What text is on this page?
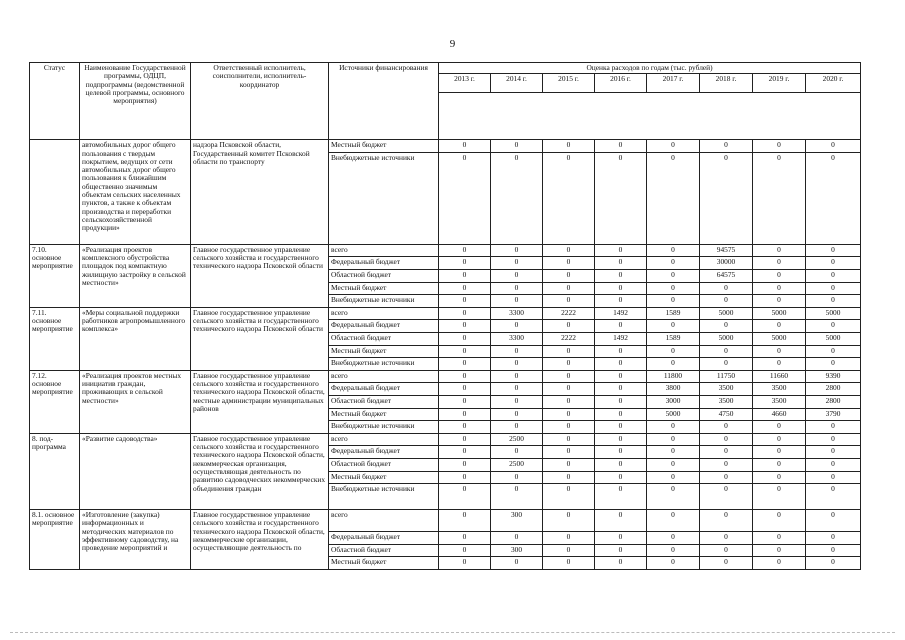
9
Статус	Наименование Государственной программы, ОДЦП, подпрограммы (ведомственной целевой программы, основного мероприятия)	Ответственный исполнитель, соисполнители, исполнитель-координатор	Источники финансирования	Оценка расходов по годам (тыс. рублей)							
				2013 г.	2014 г.	2015 г.	2016 г.	2017 г.	2018 г.	2019 г.	2020 г.

	автомобильных дорог общего пользования с твердым покрытием, ведущих от сети автомобильных дорог общего пользования к ближайшим общественно значимым объектам сельских населенных пунктов, а также к объектам производства и переработки сельскохозяйственной продукции»	надзора Псковской области, Государственный комитет Псковской области по транспорту	Местный бюджет	0	0	0	0	0	0	0	0
			Внебюджетные источники	0	0	0	0	0	0	0	0
7.10. основное мероприятие	«Реализация проектов комплексного обустройства площадок под компактную жилищную застройку в сельской местности»	Главное государственное управление сельского хозяйства и государственного технического надзора Псковской области	всего	0	0	0	0	0	94575	0	0
			Федеральный бюджет	0	0	0	0	0	30000	0	0
			Областной бюджет	0	0	0	0	0	64575	0	0
			Местный бюджет	0	0	0	0	0	0	0	0
			Внебюджетные источники	0	0	0	0	0	0	0	0
7.11. основное мероприятие	«Меры социальной поддержки работников агропромышленного комплекса»	Главное государственное управление сельского хозяйства и государственного технического надзора Псковской области	всего	0	3300	2222	1492	1589	5000	5000	5000
			Федеральный бюджет	0	0	0	0	0	0	0	0
			Областной бюджет	0	3300	2222	1492	1589	5000	5000	5000
			Местный бюджет	0	0	0	0	0	0	0	0
			Внебюджетные источники	0	0	0	0	0	0	0	0
7.12. основное мероприятие	«Реализация проектов местных инициатив граждан, проживающих в сельской местности»	Главное государственное управление сельского хозяйства и государственного технического надзора Псковской области, местные администрации муниципальных районов	всего	0	0	0	0	11800	11750	11660	9390
			Федеральный бюджет	0	0	0	0	3800	3500	3500	2800
			Областной бюджет	0	0	0	0	3000	3500	3500	2800
			Местный бюджет	0	0	0	0	5000	4750	4660	3790
			Внебюджетные источники	0	0	0	0	0	0	0	0
8. под-программа	«Развитие садоводства»	Главное государственное управление сельского хозяйства и государственного технического надзора Псковской области, некоммерческая организация, осуществляющая деятельность по развитию садоводческих некоммерческих объединения граждан	всего	0	2500	0	0	0	0	0	0
			Федеральный бюджет	0	0	0	0	0	0	0	0
			Областной бюджет	0	2500	0	0	0	0	0	0
			Местный бюджет	0	0	0	0	0	0	0	0
			Внебюджетные источники	0	0	0	0	0	0	0	0
8.1. основное мероприятие	«Изготовление (закупка) информационных и методических материалов по эффективному садоводству, на проведение мероприятий и	Главное государственное управление сельского хозяйства и государственного технического надзора Псковской области, некоммерческие организации, осуществляющие деятельность по	всего	0	300	0	0	0	0	0	0
			Федеральный бюджет	0	0	0	0	0	0	0	0
			Областной бюджет	0	300	0	0	0	0	0	0
			Местный бюджет	0	0	0	0	0	0	0	0
